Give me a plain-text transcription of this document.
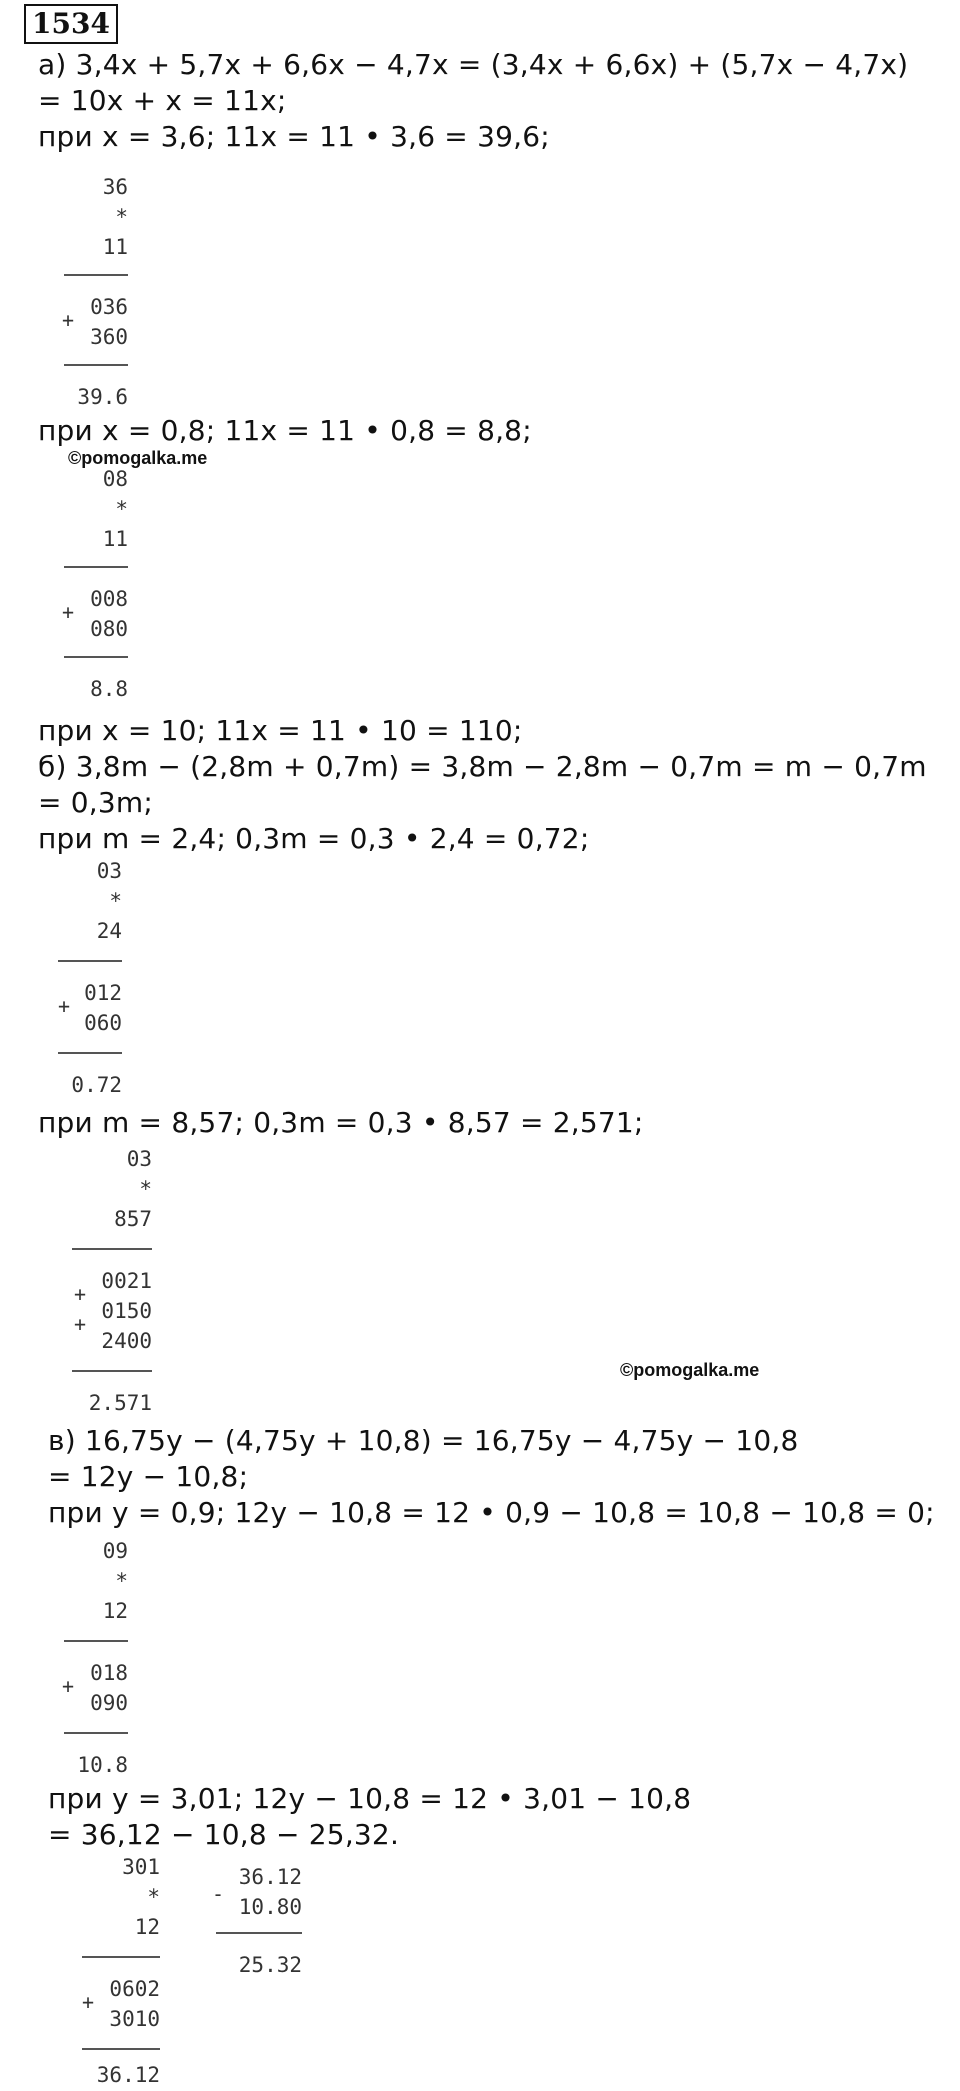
1534
а) 3,4x + 5,7x + 6,6x − 4,7x = (3,4x + 6,6x) + (5,7x − 4,7x)
= 10x + x = 11x;
при x = 3,6; 11x = 11 • 3,6 = 39,6;
36
*
11
036
+
360
39.6
при x = 0,8; 11x = 11 • 0,8 = 8,8;
©pomogalka.me
08
*
11
008
+
080
8.8
при x = 10; 11x = 11 • 10 = 110;
б) 3,8m − (2,8m + 0,7m) = 3,8m − 2,8m − 0,7m = m − 0,7m
= 0,3m;
при m = 2,4; 0,3m = 0,3 • 2,4 = 0,72;
03
*
24
012
+
060
0.72
при m = 8,57; 0,3m = 0,3 • 8,57 = 2,571;
03
*
857
0021
+
0150
+
2400
©pomogalka.me
2.571
в) 16,75y − (4,75y + 10,8) = 16,75y − 4,75y − 10,8
= 12y − 10,8;
при y = 0,9; 12y − 10,8 = 12 • 0,9 − 10,8 = 10,8 − 10,8 = 0;
09
*
12
018
+
090
10.8
при y = 3,01; 12y − 10,8 = 12 • 3,01 − 10,8
= 36,12 − 10,8 − 25,32.
301
*
12
0602
+
3010
36.12
-
36.12
10.80
25.32
